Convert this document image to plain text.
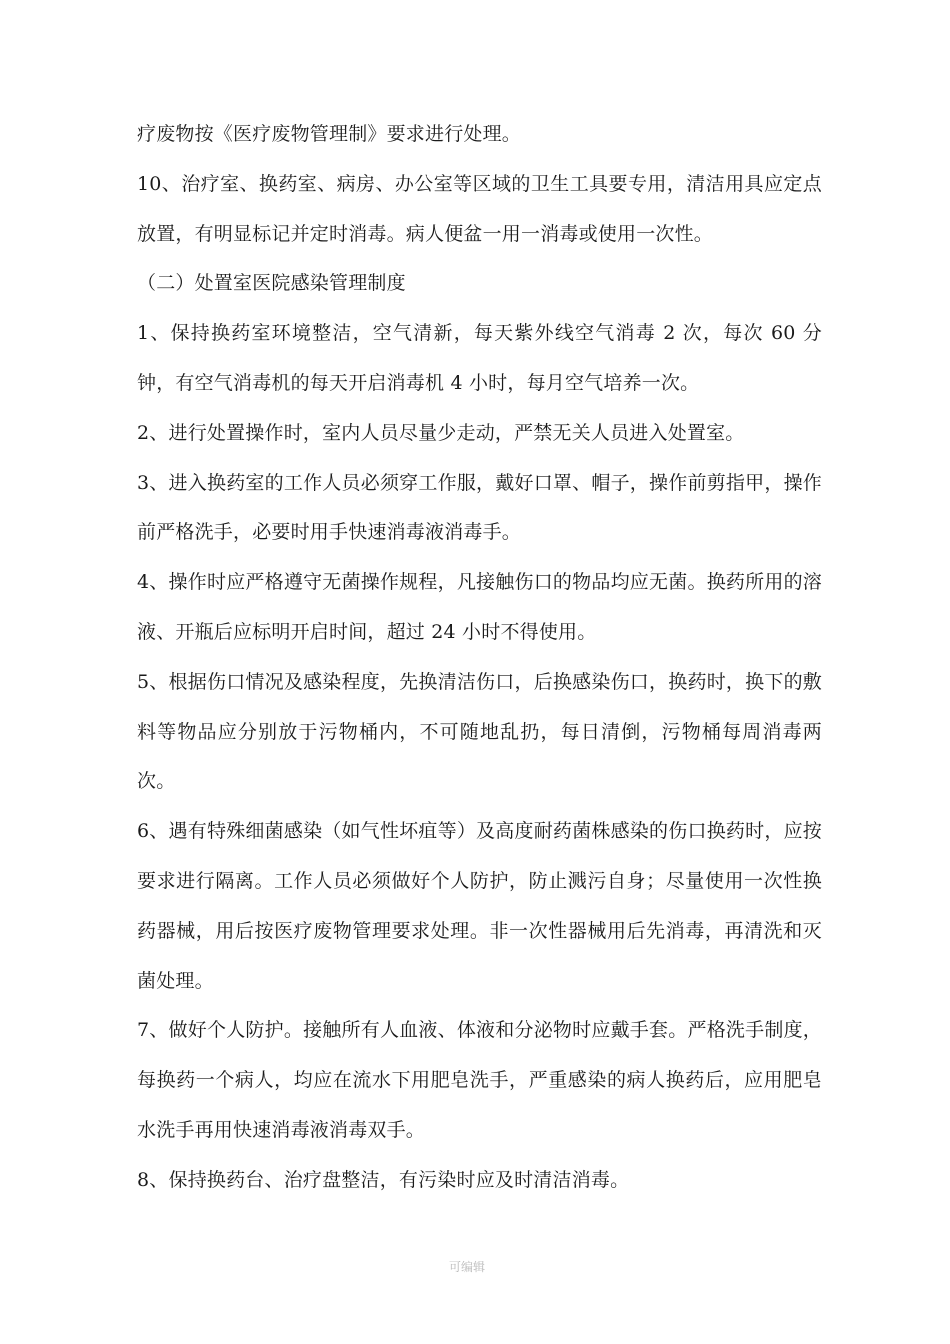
疗废物按《医疗废物管理制》要求进行处理。

10、治疗室、换药室、病房、办公室等区域的卫生工具要专用，清洁用具应定点放置，有明显标记并定时消毒。病人便盆一用一消毒或使用一次性。

（二）处置室医院感染管理制度

1、保持换药室环境整洁，空气清新，每天紫外线空气消毒 2 次，每次 60 分钟，有空气消毒机的每天开启消毒机 4 小时，每月空气培养一次。

2、进行处置操作时，室内人员尽量少走动，严禁无关人员进入处置室。

3、进入换药室的工作人员必须穿工作服，戴好口罩、帽子，操作前剪指甲，操作前严格洗手，必要时用手快速消毒液消毒手。

4、操作时应严格遵守无菌操作规程，凡接触伤口的物品均应无菌。换药所用的溶液、开瓶后应标明开启时间，超过 24 小时不得使用。

5、根据伤口情况及感染程度，先换清洁伤口，后换感染伤口，换药时，换下的敷料等物品应分别放于污物桶内，不可随地乱扔，每日清倒，污物桶每周消毒两次。

6、遇有特殊细菌感染（如气性坏疽等）及高度耐药菌株感染的伤口换药时，应按要求进行隔离。工作人员必须做好个人防护，防止溅污自身；尽量使用一次性换药器械，用后按医疗废物管理要求处理。非一次性器械用后先消毒，再清洗和灭菌处理。

7、做好个人防护。接触所有人血液、体液和分泌物时应戴手套。严格洗手制度，每换药一个病人，均应在流水下用肥皂洗手，严重感染的病人换药后，应用肥皂水洗手再用快速消毒液消毒双手。

8、保持换药台、治疗盘整洁，有污染时应及时清洁消毒。

可编辑
